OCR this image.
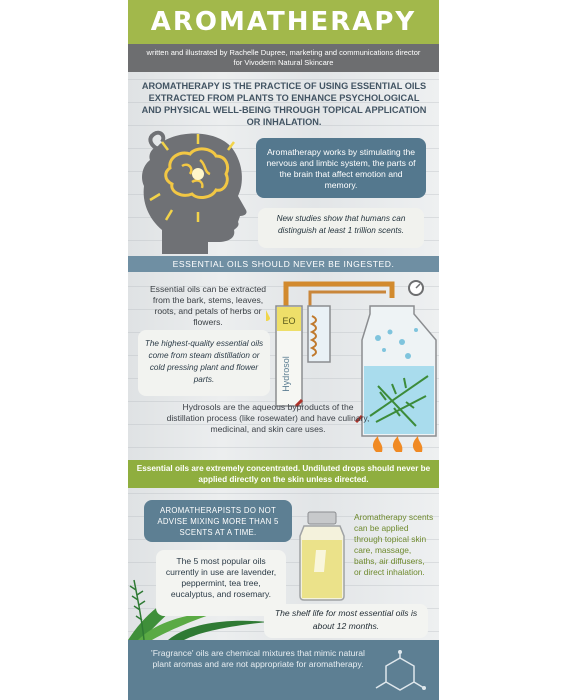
AROMATHERAPY
written and illustrated by Rachelle Dupree, marketing and communications director for Vivoderm Natural Skincare
AROMATHERAPY IS THE PRACTICE OF USING ESSENTIAL OILS EXTRACTED FROM PLANTS TO ENHANCE PSYCHOLOGICAL AND PHYSICAL WELL-BEING THROUGH TOPICAL APPLICATION OR INHALATION.
Aromatherapy works by stimulating the nervous and limbic system, the parts of the brain that affect emotion and memory.
New studies show that humans can distinguish at least 1 trillion scents.
ESSENTIAL OILS SHOULD NEVER BE INGESTED.
Essential oils can be extracted from the bark, stems, leaves, roots, and petals of herbs or flowers.	EO
Hydrosol
The highest-quality essential oils come from steam distillation or cold pressing plant and flower parts.
Hydrosols are the aqueous byproducts of the distillation process (like rosewater) and have culinary, medicinal, and skin care uses.
Essential oils are extremely concentrated. Undiluted drops should never be applied directly on the skin unless directed.
AROMATHERAPISTS DO NOT ADVISE MIXING MORE THAN 5 SCENTS AT A TIME.
The 5 most popular oils currently in use are lavender, peppermint, tea tree, eucalyptus, and rosemary.
Aromatherapy scents can be applied through topical skin care, massage, baths, air diffusers, or direct inhalation.
The shelf life for most essential oils is about 12 months.
'Fragrance' oils are chemical mixtures that mimic natural plant aromas and are not appropriate for aromatherapy.
